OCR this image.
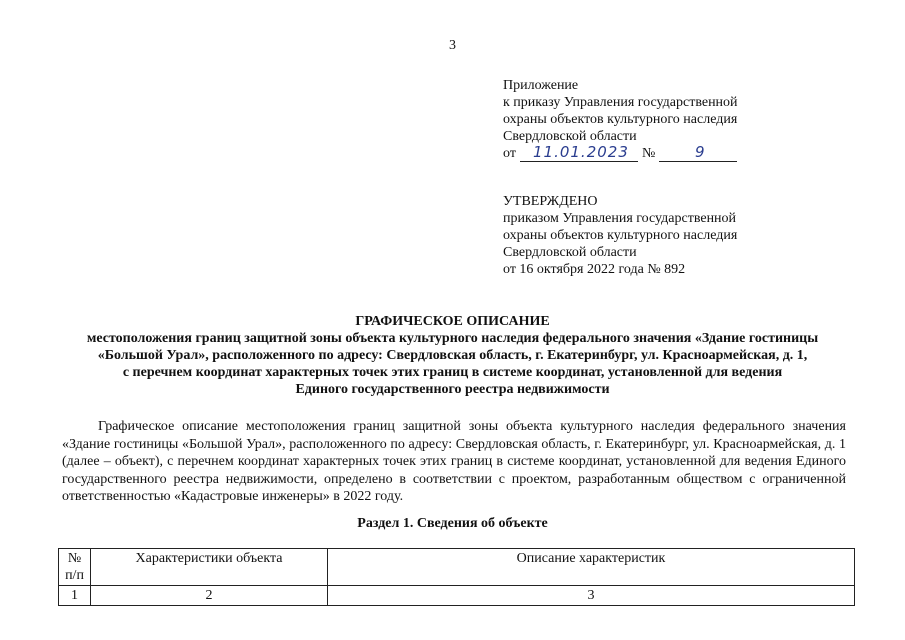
3
Приложение
к приказу Управления государственной
охраны объектов культурного наследия
Свердловской области
от	11.01.2023 №	9
УТВЕРЖДЕНО
приказом Управления государственной
охраны объектов культурного наследия
Свердловской области
от 16 октября 2022 года № 892
ГРАФИЧЕСКОЕ ОПИСАНИЕ
местоположения границ защитной зоны объекта культурного наследия федерального значения «Здание гостиницы
«Большой Урал», расположенного по адресу: Свердловская область, г. Екатеринбург, ул. Красноармейская, д. 1,
с перечнем координат характерных точек этих границ в системе координат, установленной для ведения
Единого государственного реестра недвижимости

Графическое описание местоположения границ защитной зоны объекта культурного наследия федерального значения «Здание гостиницы «Большой Урал», расположенного по адресу: Свердловская область, г. Екатеринбург, ул. Красноармейская, д. 1 (далее – объект), с перечнем координат характерных точек этих границ в системе координат, установленной для ведения Единого государственного реестра недвижимости, определено в соответствии с проектом, разработанным обществом с ограниченной ответственностью «Кадастровые инженеры» в 2022 году.

Раздел 1. Сведения об объекте
№ п/п	Характеристики объекта	Описание характеристик
1	2	3
